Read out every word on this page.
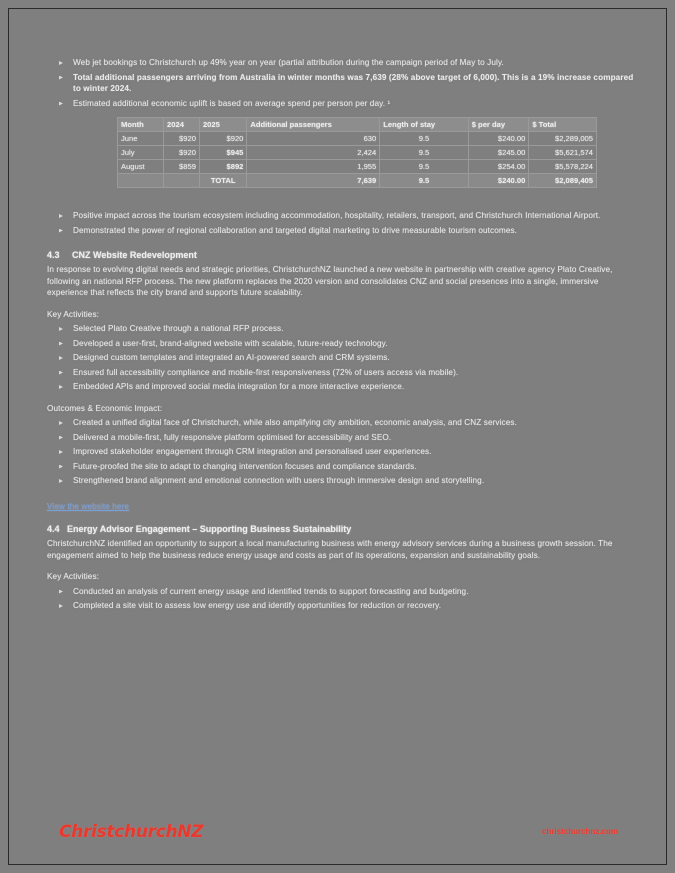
Web jet bookings to Christchurch up 49% year on year (partial attribution during the campaign period of May to July.
Total additional passengers arriving from Australia in winter months was 7,639 (28% above target of 6,000). This is a 19% increase compared to winter 2024.
Estimated additional economic uplift is based on average spend per person per day. ¹
Month	2024	2025	Additional passengers	Length of stay	$ per day	$ Total
June	$920	$920	630	9.5	$240.00	$2,289,005
July	$920	$945	2,424	9.5	$245.00	$5,621,574
August	$859	$892	1,955	9.5	$254.00	$5,578,224
		TOTAL	7,639	9.5	$240.00	$2,089,405
Positive impact across the tourism ecosystem including accommodation, hospitality, retailers, transport, and Christchurch International Airport.
Demonstrated the power of regional collaboration and targeted digital marketing to drive measurable tourism outcomes.
4.3 CNZ Website Redevelopment
In response to evolving digital needs and strategic priorities, ChristchurchNZ launched a new website in partnership with creative agency Plato Creative, following an national RFP process. The new platform replaces the 2020 version and consolidates CNZ and social presences into a single, immersive experience that reflects the city brand and supports future scalability.
Key Activities:
Selected Plato Creative through a national RFP process.
Developed a user-first, brand-aligned website with scalable, future-ready technology.
Designed custom templates and integrated an AI-powered search and CRM systems.
Ensured full accessibility compliance and mobile-first responsiveness (72% of users access via mobile).
Embedded APIs and improved social media integration for a more interactive experience.
Outcomes & Economic Impact:
Created a unified digital face of Christchurch, while also amplifying city ambition, economic analysis, and CNZ services.
Delivered a mobile-first, fully responsive platform optimised for accessibility and SEO.
Improved stakeholder engagement through CRM integration and personalised user experiences.
Future-proofed the site to adapt to changing intervention focuses and compliance standards.
Strengthened brand alignment and emotional connection with users through immersive design and storytelling.
View the website here
4.4 Energy Advisor Engagement – Supporting Business Sustainability
ChristchurchNZ identified an opportunity to support a local manufacturing business with energy advisory services during a business growth session. The engagement aimed to help the business reduce energy usage and costs as part of its operations, expansion and sustainability goals.
Key Activities:
Conducted an analysis of current energy usage and identified trends to support forecasting and budgeting.
Completed a site visit to assess low energy use and identify opportunities for reduction or recovery.
ChristchurchNZ	christchurchnz.com
